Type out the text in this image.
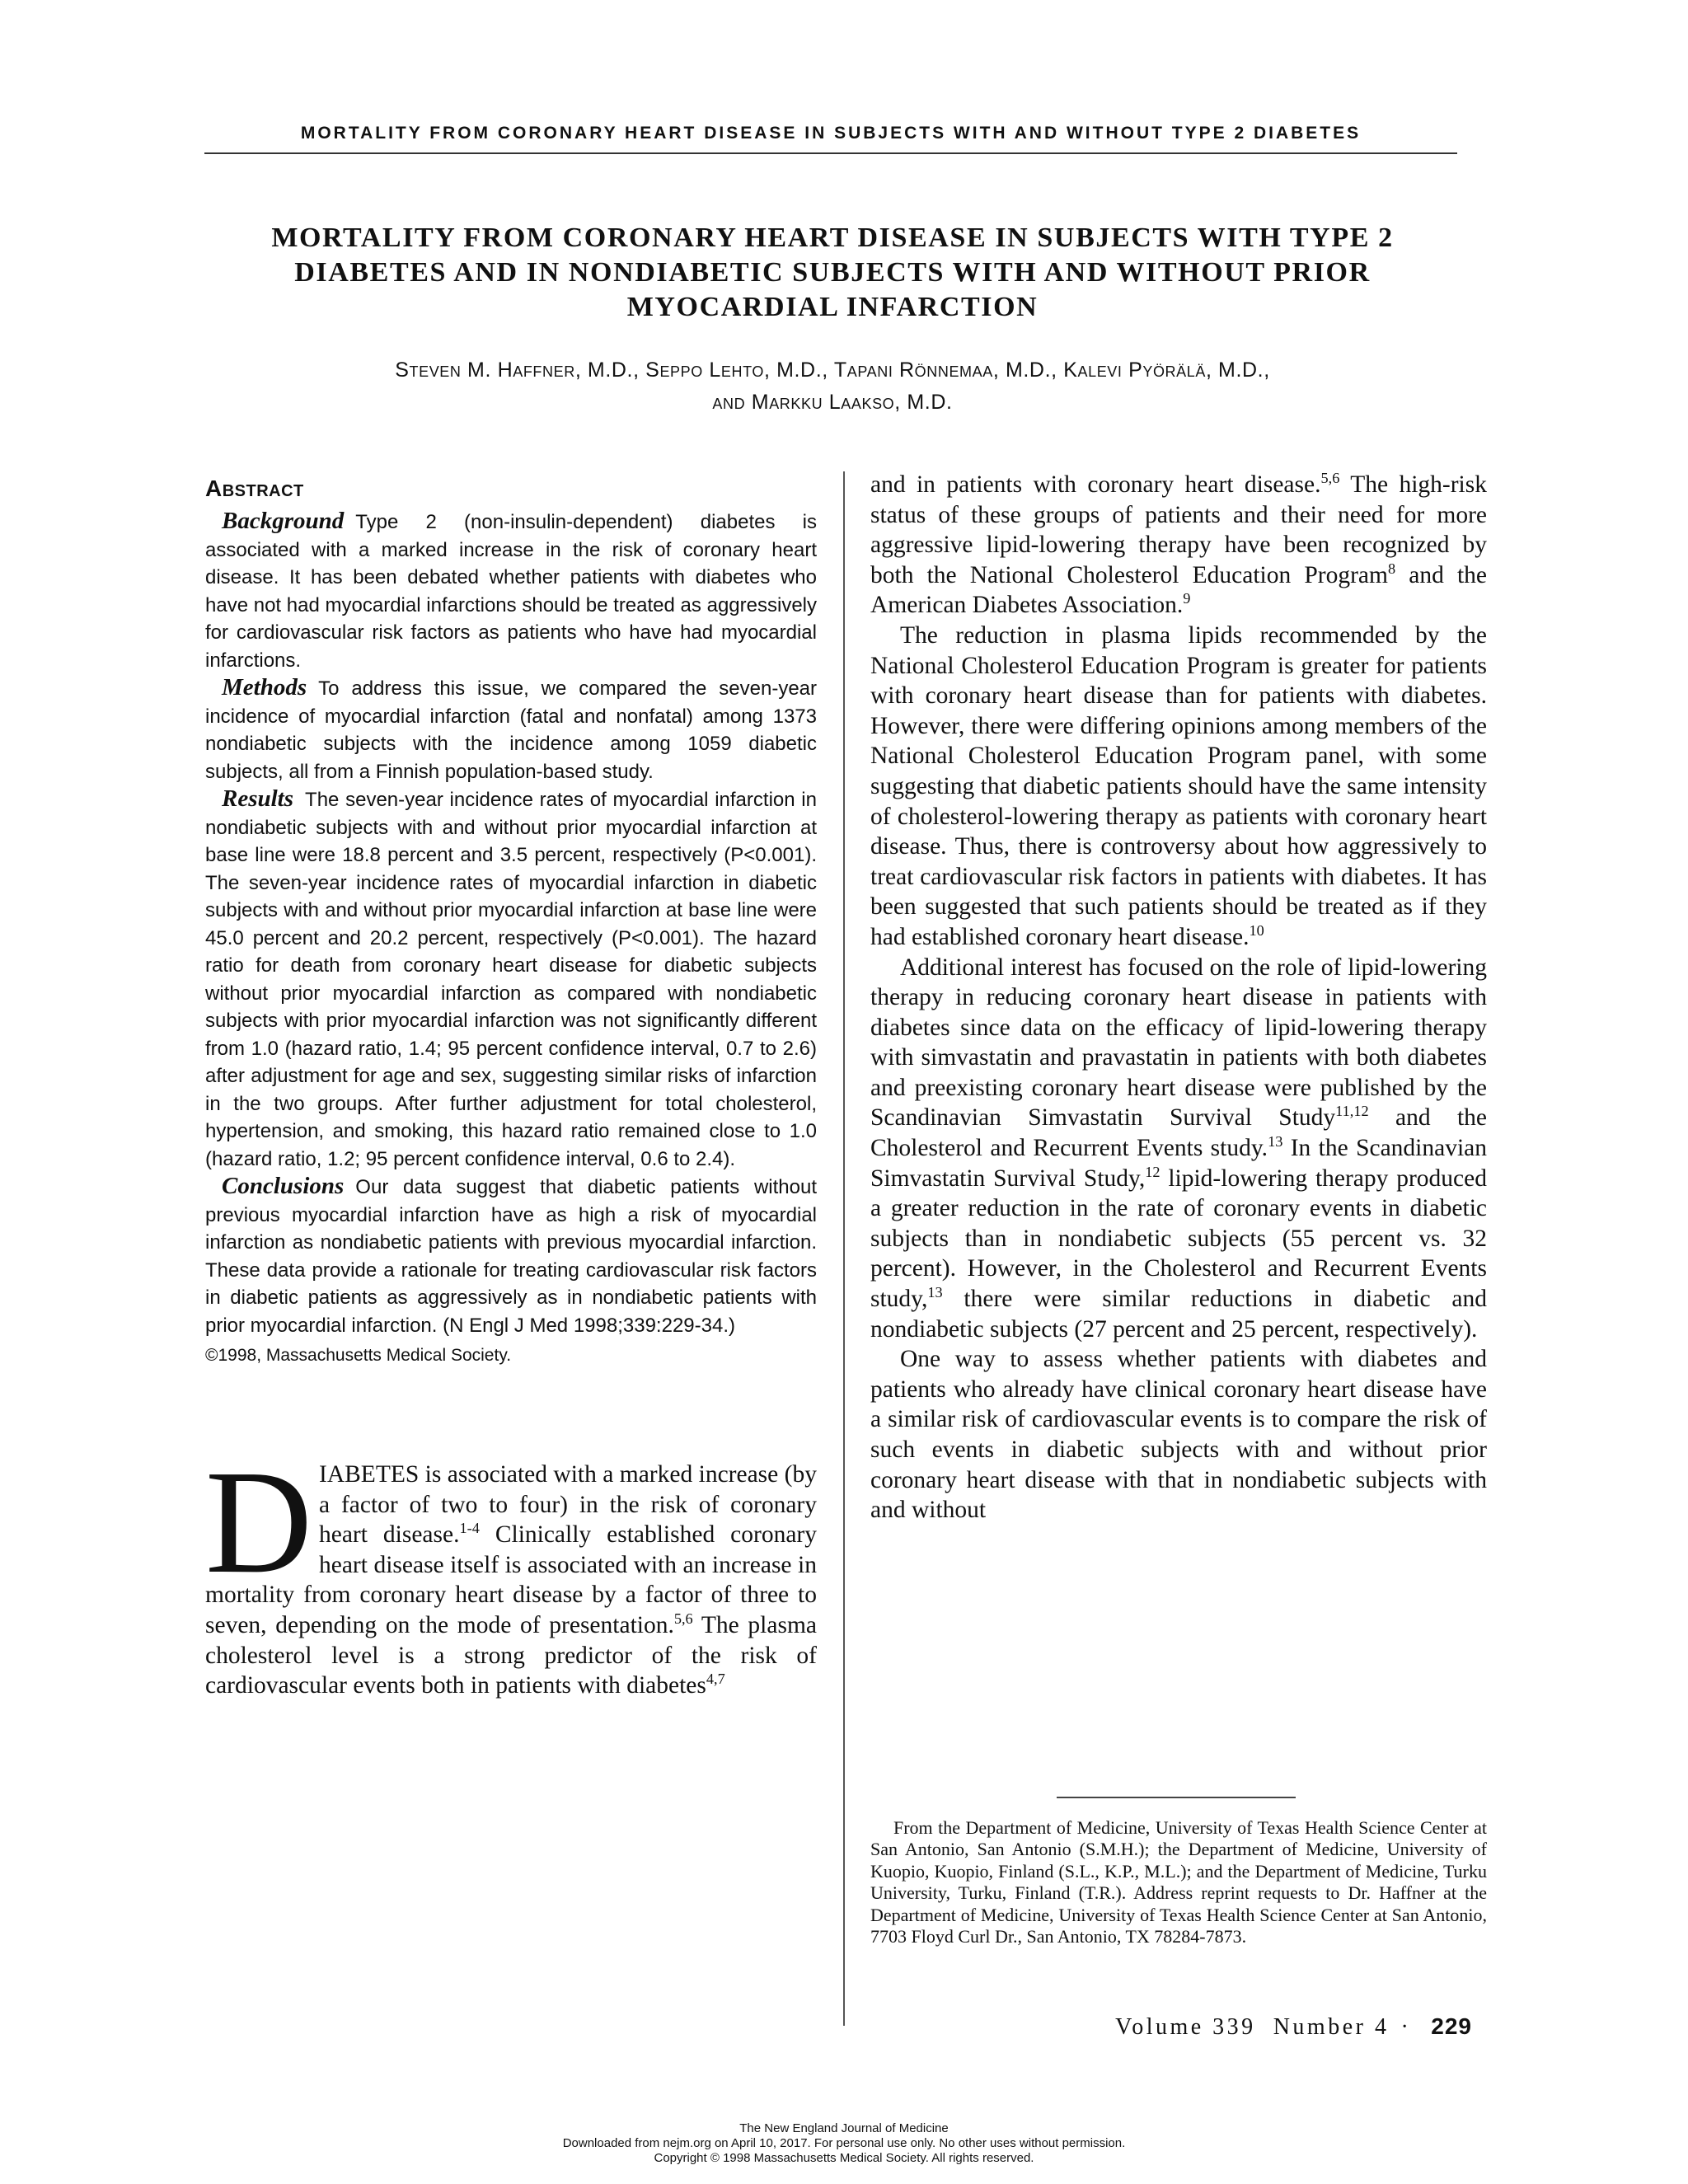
MORTALITY FROM CORONARY HEART DISEASE IN SUBJECTS WITH AND WITHOUT TYPE 2 DIABETES
MORTALITY FROM CORONARY HEART DISEASE IN SUBJECTS WITH TYPE 2 DIABETES AND IN NONDIABETIC SUBJECTS WITH AND WITHOUT PRIOR MYOCARDIAL INFARCTION
Steven M. Haffner, M.D., Seppo Lehto, M.D., Tapani Rönnemaa, M.D., Kalevi Pyörälä, M.D.,
and Markku Laakso, M.D.
Abstract

Background Type 2 (non-insulin-dependent) diabetes is associated with a marked increase in the risk of coronary heart disease. It has been debated whether patients with diabetes who have not had myocardial infarctions should be treated as aggressively for cardiovascular risk factors as patients who have had myocardial infarctions.

Methods To address this issue, we compared the seven-year incidence of myocardial infarction (fatal and nonfatal) among 1373 nondiabetic subjects with the incidence among 1059 diabetic subjects, all from a Finnish population-based study.

Results The seven-year incidence rates of myocardial infarction in nondiabetic subjects with and without prior myocardial infarction at base line were 18.8 percent and 3.5 percent, respectively (P<0.001). The seven-year incidence rates of myocardial infarction in diabetic subjects with and without prior myocardial infarction at base line were 45.0 percent and 20.2 percent, respectively (P<0.001). The hazard ratio for death from coronary heart disease for diabetic subjects without prior myocardial infarction as compared with nondiabetic subjects with prior myocardial infarction was not significantly different from 1.0 (hazard ratio, 1.4; 95 percent confidence interval, 0.7 to 2.6) after adjustment for age and sex, suggesting similar risks of infarction in the two groups. After further adjustment for total cholesterol, hypertension, and smoking, this hazard ratio remained close to 1.0 (hazard ratio, 1.2; 95 percent confidence interval, 0.6 to 2.4).

Conclusions Our data suggest that diabetic patients without previous myocardial infarction have as high a risk of myocardial infarction as nondiabetic patients with previous myocardial infarction. These data provide a rationale for treating cardiovascular risk factors in diabetic patients as aggressively as in nondiabetic patients with prior myocardial infarction. (N Engl J Med 1998;339:229-34.)

©1998, Massachusetts Medical Society.

DIABETES is associated with a marked increase (by a factor of two to four) in the risk of coronary heart disease.$^{1-4}$ Clinically established coronary heart disease itself is associated with an increase in mortality from coronary heart disease by a factor of three to seven, depending on the mode of presentation.$^{5,6}$ The plasma cholesterol level is a strong predictor of the risk of cardiovascular events both in patients with diabetes$^{4,7}$

and in patients with coronary heart disease.$^{5,6}$ The high-risk status of these groups of patients and their need for more aggressive lipid-lowering therapy have been recognized by both the National Cholesterol Education Program$^8$ and the American Diabetes Association.$^9$

The reduction in plasma lipids recommended by the National Cholesterol Education Program is greater for patients with coronary heart disease than for patients with diabetes. However, there were differing opinions among members of the National Cholesterol Education Program panel, with some suggesting that diabetic patients should have the same intensity of cholesterol-lowering therapy as patients with coronary heart disease. Thus, there is controversy about how aggressively to treat cardiovascular risk factors in patients with diabetes. It has been suggested that such patients should be treated as if they had established coronary heart disease.$^{10}$

Additional interest has focused on the role of lipid-lowering therapy in reducing coronary heart disease in patients with diabetes since data on the efficacy of lipid-lowering therapy with simvastatin and pravastatin in patients with both diabetes and preexisting coronary heart disease were published by the Scandinavian Simvastatin Survival Study$^{11,12}$ and the Cholesterol and Recurrent Events study.$^{13}$ In the Scandinavian Simvastatin Survival Study,$^{12}$ lipid-lowering therapy produced a greater reduction in the rate of coronary events in diabetic subjects than in nondiabetic subjects (55 percent vs. 32 percent). However, in the Cholesterol and Recurrent Events study,$^{13}$ there were similar reductions in diabetic and nondiabetic subjects (27 percent and 25 percent, respectively).

One way to assess whether patients with diabetes and patients who already have clinical coronary heart disease have a similar risk of cardiovascular events is to compare the risk of such events in diabetic subjects with and without prior coronary heart disease with that in nondiabetic subjects with and without

From the Department of Medicine, University of Texas Health Science Center at San Antonio, San Antonio (S.M.H.); the Department of Medicine, University of Kuopio, Kuopio, Finland (S.L., K.P., M.L.); and the Department of Medicine, Turku University, Turku, Finland (T.R.). Address reprint requests to Dr. Haffner at the Department of Medicine, University of Texas Health Science Center at San Antonio, 7703 Floyd Curl Dr., San Antonio, TX 78284-7873.

Volume 339 Number 4 · 229
The New England Journal of Medicine
Downloaded from nejm.org on April 10, 2017. For personal use only. No other uses without permission.
Copyright © 1998 Massachusetts Medical Society. All rights reserved.
